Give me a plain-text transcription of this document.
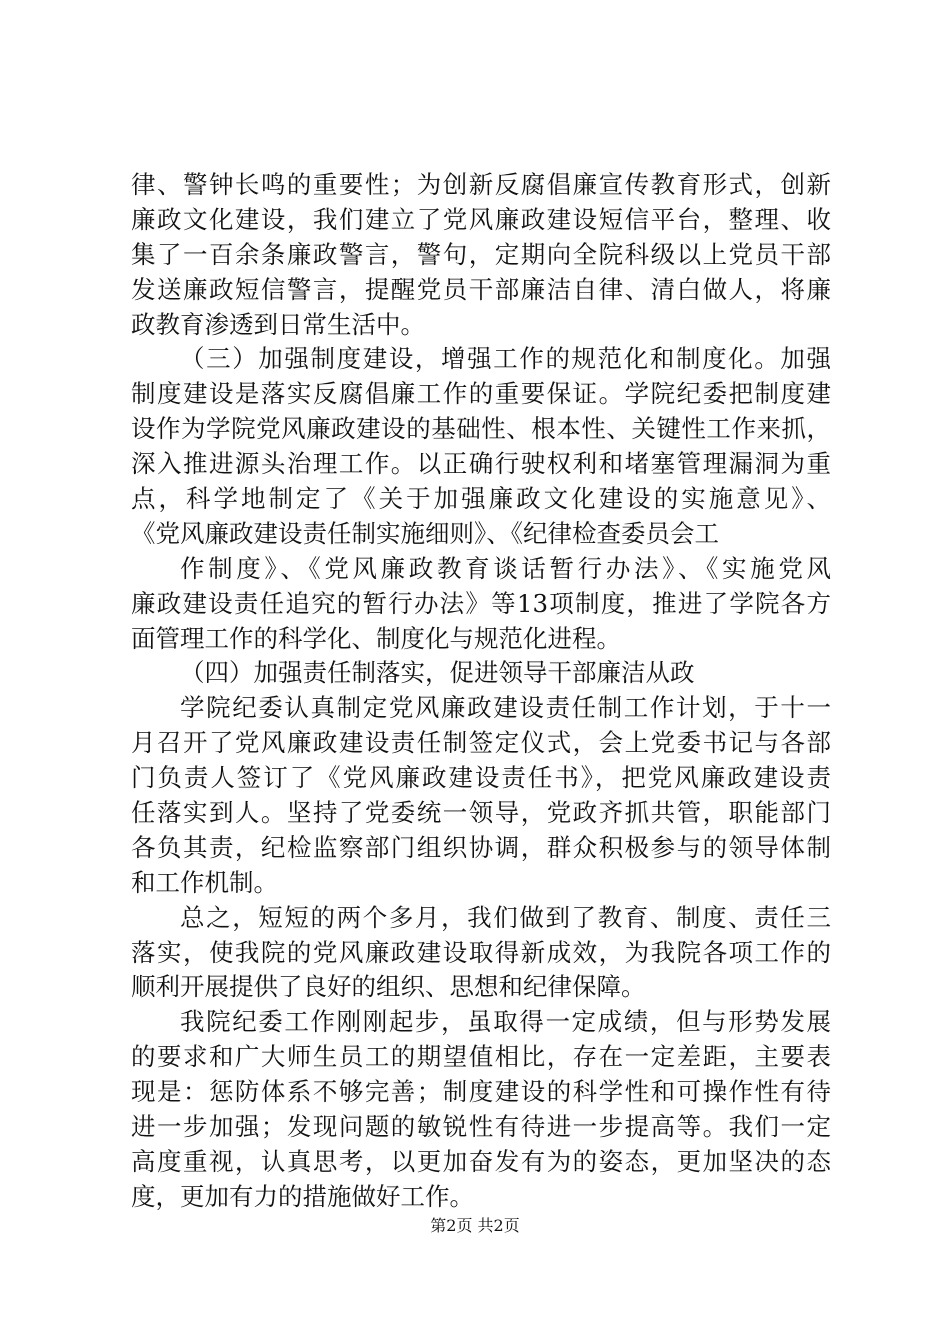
律、警钟长鸣的重要性；为创新反腐倡廉宣传教育形式，创新
廉政文化建设，我们建立了党风廉政建设短信平台，整理、收
集了一百余条廉政警言，警句，定期向全院科级以上党员干部
发送廉政短信警言，提醒党员干部廉洁自律、清白做人，将廉
政教育渗透到日常生活中。
（三）加强制度建设，增强工作的规范化和制度化。加强
制度建设是落实反腐倡廉工作的重要保证。学院纪委把制度建
设作为学院党风廉政建设的基础性、根本性、关键性工作来抓，
深入推进源头治理工作。以正确行驶权利和堵塞管理漏洞为重
点，科学地制定了《关于加强廉政文化建设的实施意见》、
《党风廉政建设责任制实施细则》、《纪律检查委员会工
作制度》、《党风廉政教育谈话暂行办法》、《实施党风
廉政建设责任追究的暂行办法》等13项制度，推进了学院各方
面管理工作的科学化、制度化与规范化进程。
（四）加强责任制落实，促进领导干部廉洁从政
学院纪委认真制定党风廉政建设责任制工作计划，于十一
月召开了党风廉政建设责任制签定仪式，会上党委书记与各部
门负责人签订了《党风廉政建设责任书》，把党风廉政建设责
任落实到人。坚持了党委统一领导，党政齐抓共管，职能部门
各负其责，纪检监察部门组织协调，群众积极参与的领导体制
和工作机制。
总之，短短的两个多月，我们做到了教育、制度、责任三
落实，使我院的党风廉政建设取得新成效，为我院各项工作的
顺利开展提供了良好的组织、思想和纪律保障。
我院纪委工作刚刚起步，虽取得一定成绩，但与形势发展
的要求和广大师生员工的期望值相比，存在一定差距，主要表
现是：惩防体系不够完善；制度建设的科学性和可操作性有待
进一步加强；发现问题的敏锐性有待进一步提高等。我们一定
高度重视，认真思考，以更加奋发有为的姿态，更加坚决的态
度，更加有力的措施做好工作。
第2页 共2页
